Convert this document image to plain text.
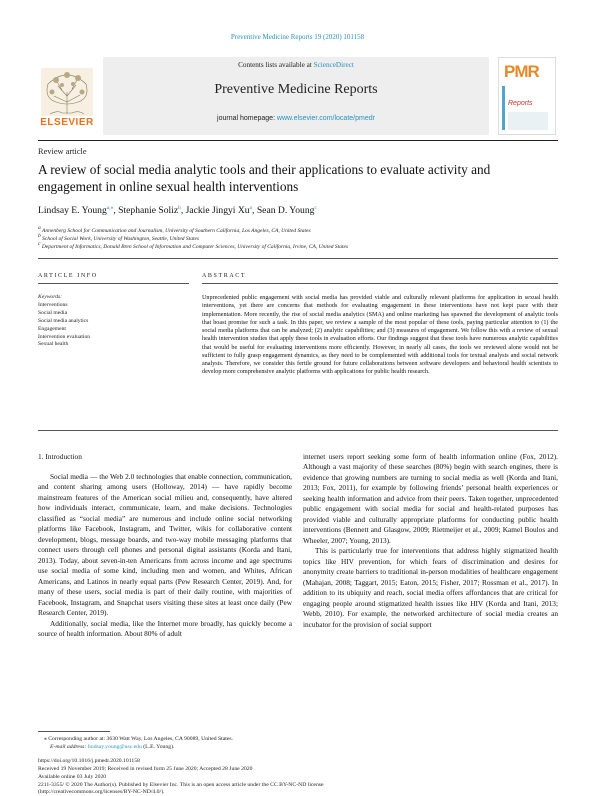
Preventive Medicine Reports 19 (2020) 101158
Contents lists available at ScienceDirect
Preventive Medicine Reports
journal homepage: www.elsevier.com/locate/pmedr
ELSEVIER
PMR
Reports
Review article
A review of social media analytic tools and their applications to evaluate activity and engagement in online sexual health interventions
Lindsay E. Young$^{a,⁎}$, Stephanie Soliz$^b$, Jackie Jingyi Xu$^a$, Sean D. Young$^c$
$^a$ Annenberg School for Communication and Journalism, University of Southern California, Los Angeles, CA, United States
$^b$ School of Social Work, University of Washington, Seattle, United States
$^c$ Department of Informatics, Donald Bren School of Information and Computer Sciences, University of California, Irvine, CA, United States
ARTICLE INFO	ABSTRACT
Keywords:
Interventions
Social media
Social media analytics
Engagement
Intervention evaluation
Sexual health
Unprecedented public engagement with social media has provided viable and culturally relevant platforms for application in sexual health interventions, yet there are concerns that methods for evaluating engagement in these interventions have not kept pace with their implementation. More recently, the rise of social media analytics (SMA) and online marketing has spawned the development of analytic tools that boast promise for such a task. In this paper, we review a sample of the most popular of these tools, paying particular attention to (1) the social media platforms that can be analyzed; (2) analytic capabilities; and (3) measures of engagement. We follow this with a review of sexual health intervention studies that apply these tools in evaluation efforts. Our findings suggest that these tools have numerous analytic capabilities that would be useful for evaluating interventions more efficiently. However, in nearly all cases, the tools we reviewed alone would not be sufficient to fully grasp engagement dynamics, as they need to be complemented with additional tools for textual analysis and social network analysis. Therefore, we consider this fertile ground for future collaborations between software developers and behavioral health scientists to develop more comprehensive analytic platforms with applications for public health research.
1. Introduction

Social media — the Web 2.0 technologies that enable connection, communication, and content sharing among users (Holloway, 2014) — have rapidly become mainstream features of the American social milieu and, consequently, have altered how individuals interact, communicate, learn, and make decisions. Technologies classified as “social media” are numerous and include online social networking platforms like Facebook, Instagram, and Twitter, wikis for collaborative content development, blogs, message boards, and two-way mobile messaging platforms that connect users through cell phones and personal digital assistants (Korda and Itani, 2013). Today, about seven-in-ten Americans from across income and age spectrums use social media of some kind, including men and women, and Whites, African Americans, and Latinos in nearly equal parts (Pew Research Center, 2019). And, for many of these users, social media is part of their daily routine, with majorities of Facebook, Instagram, and Snapchat users visiting these sites at least once daily (Pew Research Center, 2019).

Additionally, social media, like the Internet more broadly, has quickly become a source of health information. About 80% of adult

internet users report seeking some form of health information online (Fox, 2012). Although a vast majority of these searches (80%) begin with search engines, there is evidence that growing numbers are turning to social media as well (Korda and Itani, 2013; Fox, 2011), for example by following friends’ personal health experiences or seeking health information and advice from their peers. Taken together, unprecedented public engagement with social media for social and health-related purposes has provided viable and culturally appropriate platforms for conducting public health interventions (Bennett and Glasgow, 2009; Rietmeijer et al., 2009; Kamel Boulos and Wheeler, 2007; Young, 2013).

This is particularly true for interventions that address highly stigmatized health topics like HIV prevention, for which fears of discrimination and desires for anonymity create barriers to traditional in-person modalities of healthcare engagement (Mahajan, 2008; Taggart, 2015; Eaton, 2015; Fisher, 2017; Rossman et al., 2017). In addition to its ubiquity and reach, social media offers affordances that are critical for engaging people around stigmatized health issues like HIV (Korda and Itani, 2013; Webb, 2010). For example, the networked architecture of social media creates an incubator for the provision of social support

⁎ Corresponding author at: 3630 Watt Way, Los Angeles, CA 90089, United States.
E-mail address: lindsay.young@usc.edu (L.E. Young).
https://doi.org/10.1016/j.pmedr.2020.101158
Received 19 November 2019; Received in revised form 25 June 2020; Accepted 28 June 2020
Available online 03 July 2020
2211-3355/ © 2020 The Author(s). Published by Elsevier Inc. This is an open access article under the CC BY-NC-ND license
(http://creativecommons.org/licenses/BY-NC-ND/4.0/).
